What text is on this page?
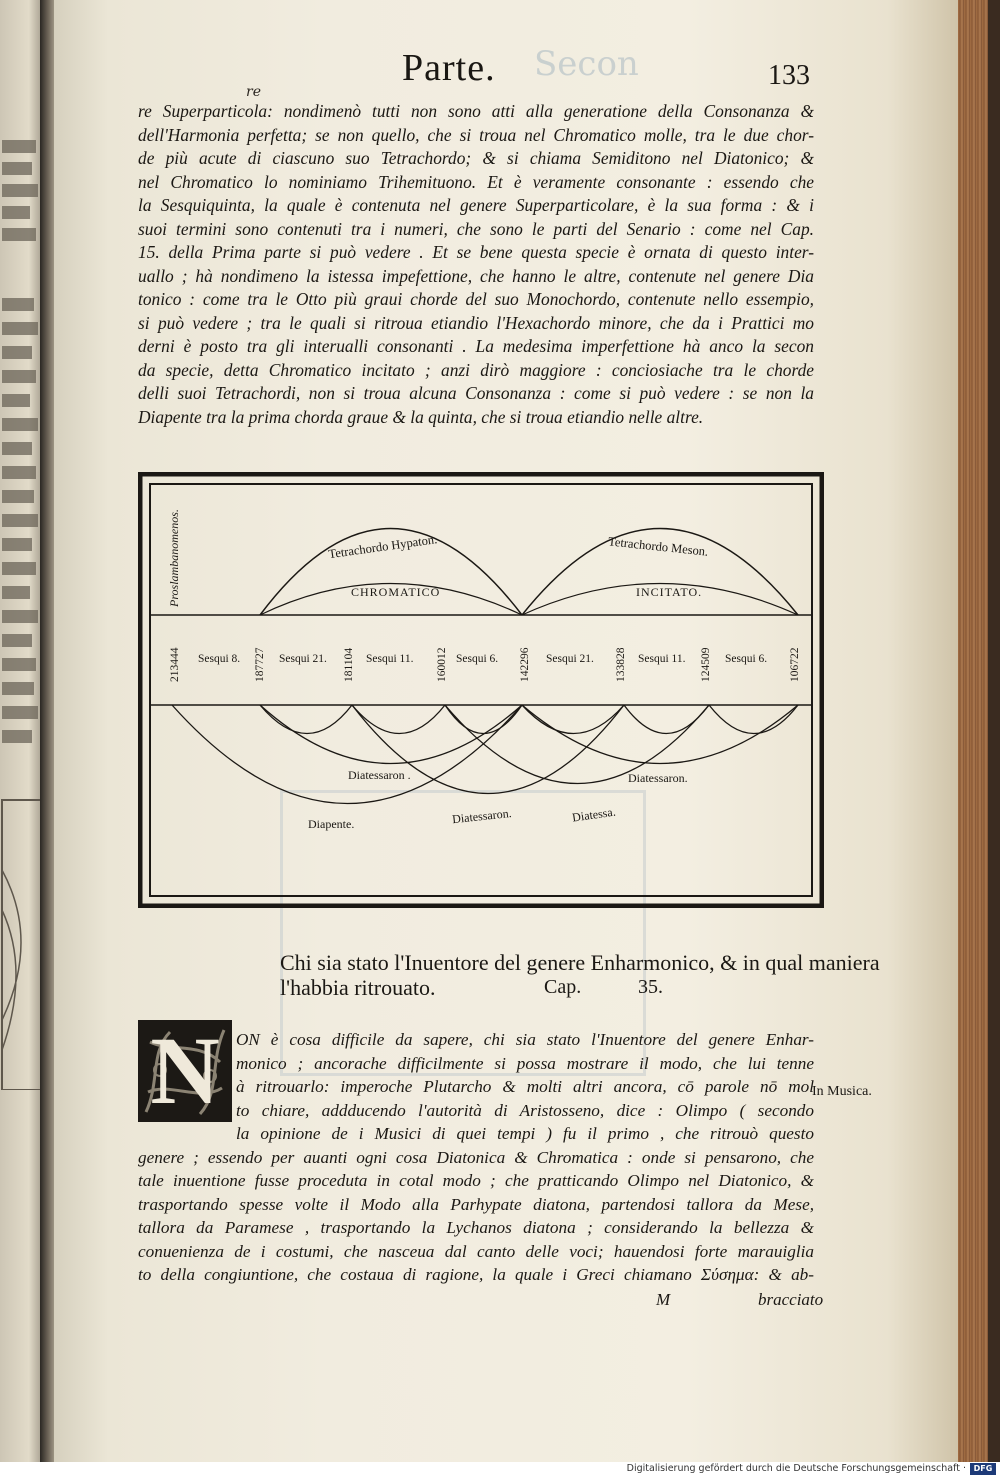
Secon
Parte.	133
re
re Superparticola: nondimenò tutti non sono atti alla generatione della Consonanza &
dell'Harmonia perfetta; se non quello, che si troua nel Chromatico molle, tra le due chor-
de più acute di ciascuno suo Tetrachordo; & si chiama Semiditono nel Diatonico; &
nel Chromatico lo nominiamo Trihemituono. Et è veramente consonante : essendo che
la Sesquiquinta, la quale è contenuta nel genere Superparticolare, è la sua forma : & i
suoi termini sono contenuti tra i numeri, che sono le parti del Senario : come nel Cap.
15. della Prima parte si può vedere . Et se bene questa specie è ornata di questo inter-
uallo ; hà nondimeno la istessa impefettione, che hanno le altre, contenute nel genere Dia
tonico : come tra le Otto più graui chorde del suo Monochordo, contenute nello essempio,
si può vedere ; tra le quali si ritroua etiandio l'Hexachordo minore, che da i Prattici mo
derni è posto tra gli interualli consonanti . La medesima imperfettione hà anco la secon
da specie, detta Chromatico incitato ; anzi dirò maggiore : conciosiache tra le chorde
delli suoi Tetrachordi, non si troua alcuna Consonanza : come si può vedere : se non la
Diapente tra la prima chorda graue & la quinta, che si troua etiandio nelle altre.
Proslambanomenos.	Tetrachordo Hypaton.	Tetrachordo Meson.
CHROMATICO	INCITATO.
213444	187727	181104	160012	142296	133828	124509	106722
Sesqui 8.	Sesqui 21.	Sesqui 11.	Sesqui 6.	Sesqui 21.	Sesqui 11.	Sesqui 6.
Diatessaron .	Diatessaron.
Diapente.	Diatessaron.	Diatessa.
Chi sia stato l'Inuentore del genere Enharmonico, & in qual maniera
l'habbia ritrouato.	Cap.	35.
N ON è cosa difficile da sapere, chi sia stato l'Inuentore del genere Enhar-
monico ; ancorache difficilmente si possa mostrare il modo, che lui tenne
à ritrouarlo: imperoche Plutarcho & molti altri ancora, cō parole nō mol
to chiare, addducendo l'autorità di Aristosseno, dice : Olimpo ( secondo
la opinione de i Musici di quei tempi ) fu il primo , che ritrouò questo
genere ; essendo per auanti ogni cosa Diatonica & Chromatica : onde si pensarono, che
tale inuentione fusse proceduta in cotal modo ; che pratticando Olimpo nel Diatonico, &
trasportando spesse volte il Modo alla Parhypate diatona, partendosi tallora da Mese,
tallora da Paramese , trasportando la Lychanos diatona ; considerando la bellezza &
conuenienza de i costumi, che nasceua dal canto delle voci; hauendosi forte marauiglia
to della congiuntione, che costaua di ragione, la quale i Greci chiamano Σύσημα: & ab-
In Musica.
M	bracciato
Digitalisierung gefördert durch die Deutsche Forschungsgemeinschaft · DFG
